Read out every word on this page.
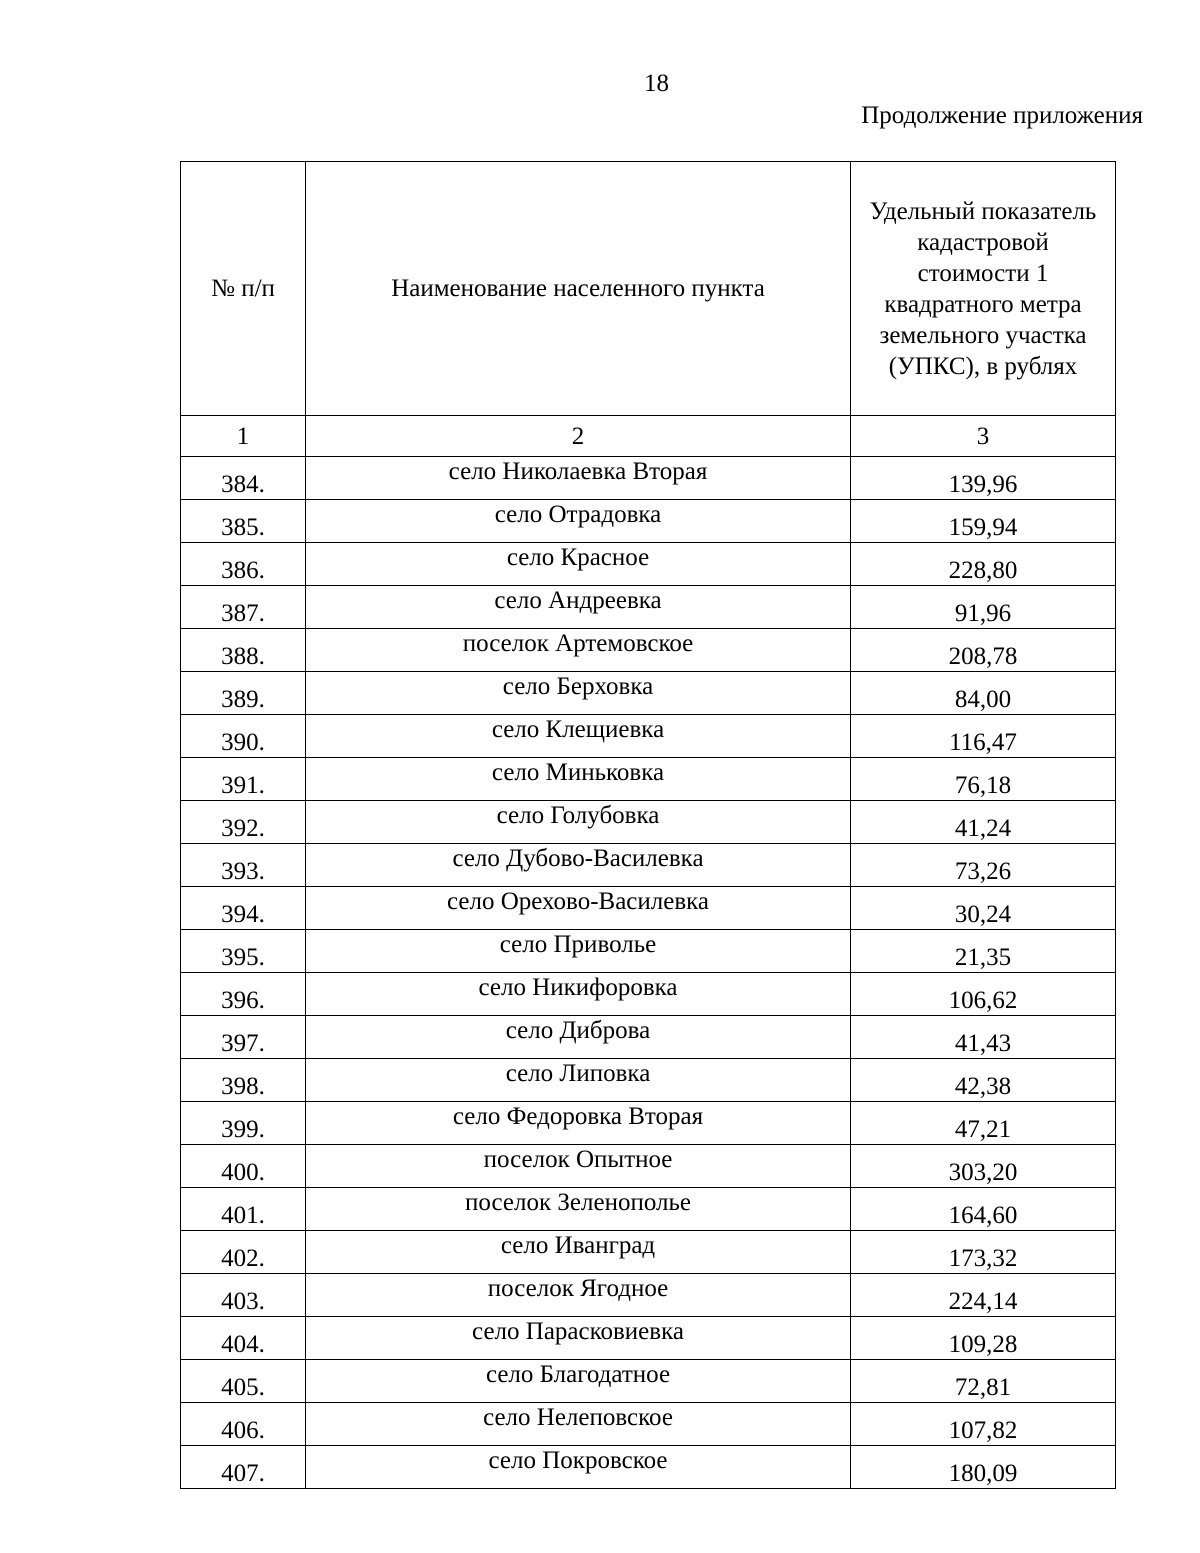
18
Продолжение приложения
№ п/п	Наименование населенного пункта	Удельный показатель кадастровой стоимости 1 квадратного метра земельного участка (УПКС), в рублях
1	2	3
384.	село Николаевка Вторая	139,96
385.	село Отрадовка	159,94
386.	село Красное	228,80
387.	село Андреевка	91,96
388.	поселок Артемовское	208,78
389.	село Берховка	84,00
390.	село Клещиевка	116,47
391.	село Миньковка	76,18
392.	село Голубовка	41,24
393.	село Дубово-Василевка	73,26
394.	село Орехово-Василевка	30,24
395.	село Приволье	21,35
396.	село Никифоровка	106,62
397.	село Диброва	41,43
398.	село Липовка	42,38
399.	село Федоровка Вторая	47,21
400.	поселок Опытное	303,20
401.	поселок Зеленополье	164,60
402.	село Ивангpад	173,32
403.	поселок Ягодное	224,14
404.	село Парасковиевка	109,28
405.	село Благодатное	72,81
406.	село Нелеповское	107,82
407.	село Покровское	180,09
